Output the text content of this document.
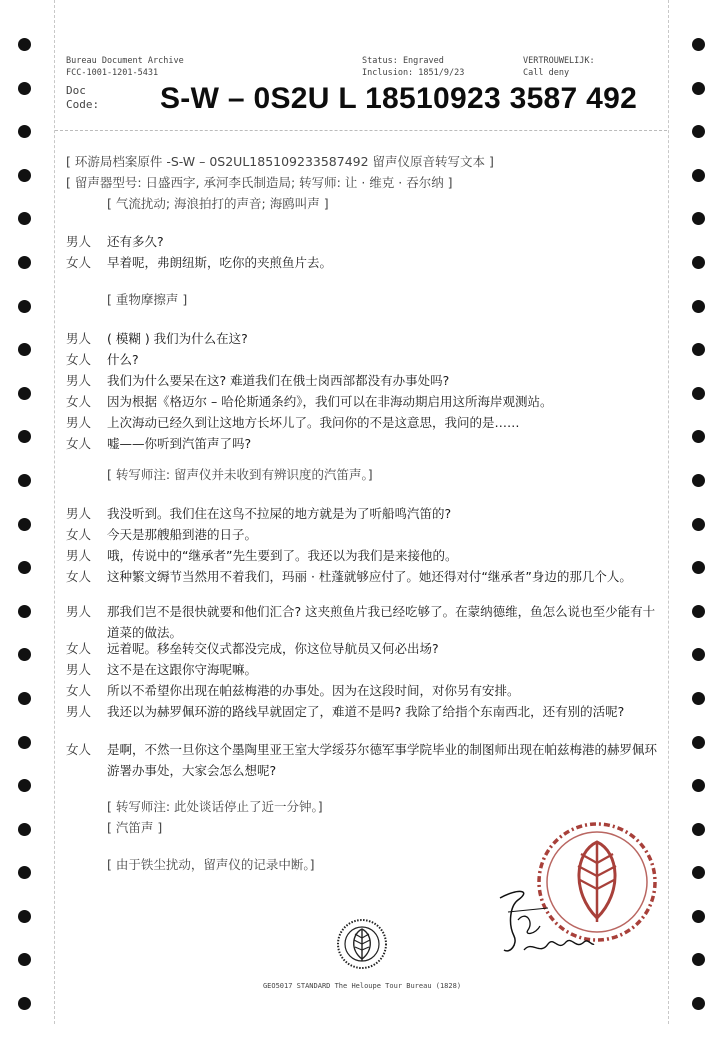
Bureau Document Archive
FCC-1001-1201-5431
Status: Engraved
Inclusion: 1851/9/23
VERTROUWELIJK:
Call deny
Doc
Code: S-W – 0S2U L 18510923 3587 492
[ 环游局档案原件 -S-W – 0S2UL185109233587492 留声仪原音转写文本 ]
[ 留声器型号: 日盛西字, 承河李氏制造局; 转写师: 让 · 维克 · 吞尔纳 ]
[ 气流扰动; 海浪拍打的声音; 海鸥叫声 ]
男人 还有多久?
女人 早着呢，弗朗纽斯，吃你的夹煎鱼片去。
[ 重物摩擦声 ]
男人 ( 模糊 ) 我们为什么在这?
女人 什么?
男人 我们为什么要呆在这? 难道我们在俄士岗西部都没有办事处吗?
女人 因为根据《格迈尔 – 哈伦斯通条约》，我们可以在非海动期启用这所海岸观测站。
男人 上次海动已经久到让这地方长坏儿了。我问你的不是这意思，我问的是……
女人 嘘——你听到汽笛声了吗?
[ 转写师注: 留声仪并未收到有辨识度的汽笛声。]
男人 我没听到。我们住在这鸟不拉屎的地方就是为了听船鸣汽笛的?
女人 今天是那艘船到港的日子。
男人 哦，传说中的“继承者”先生要到了。我还以为我们是来接他的。
女人 这种繁文缛节当然用不着我们，玛丽 · 杜蓬就够应付了。她还得对付“继承者”身边的那几个人。
男人 那我们岂不是很快就要和他们汇合? 这夹煎鱼片我已经吃够了。在蒙纳德维，鱼怎么说也至少能有十道菜的做法。
女人 远着呢。移垒转交仪式都没完成，你这位导航员又何必出场?
男人 这不是在这跟你守海呢嘛。
女人 所以不希望你出现在帕兹梅港的办事处。因为在这段时间，对你另有安排。
男人 我还以为赫罗佩环游的路线早就固定了，难道不是吗? 我除了给指个东南西北，还有别的活呢?
女人 是啊，不然一旦你这个墨陶里亚王室大学绥芬尔德军事学院毕业的制图师出现在帕兹梅港的赫罗佩环游署办事处，大家会怎么想呢?
[ 转写师注: 此处谈话停止了近一分钟。]
[ 汽笛声 ]
[ 由于铁尘扰动，留声仪的记录中断。]
GEO5017 STANDARD The Heloupe Tour Bureau (1828)
